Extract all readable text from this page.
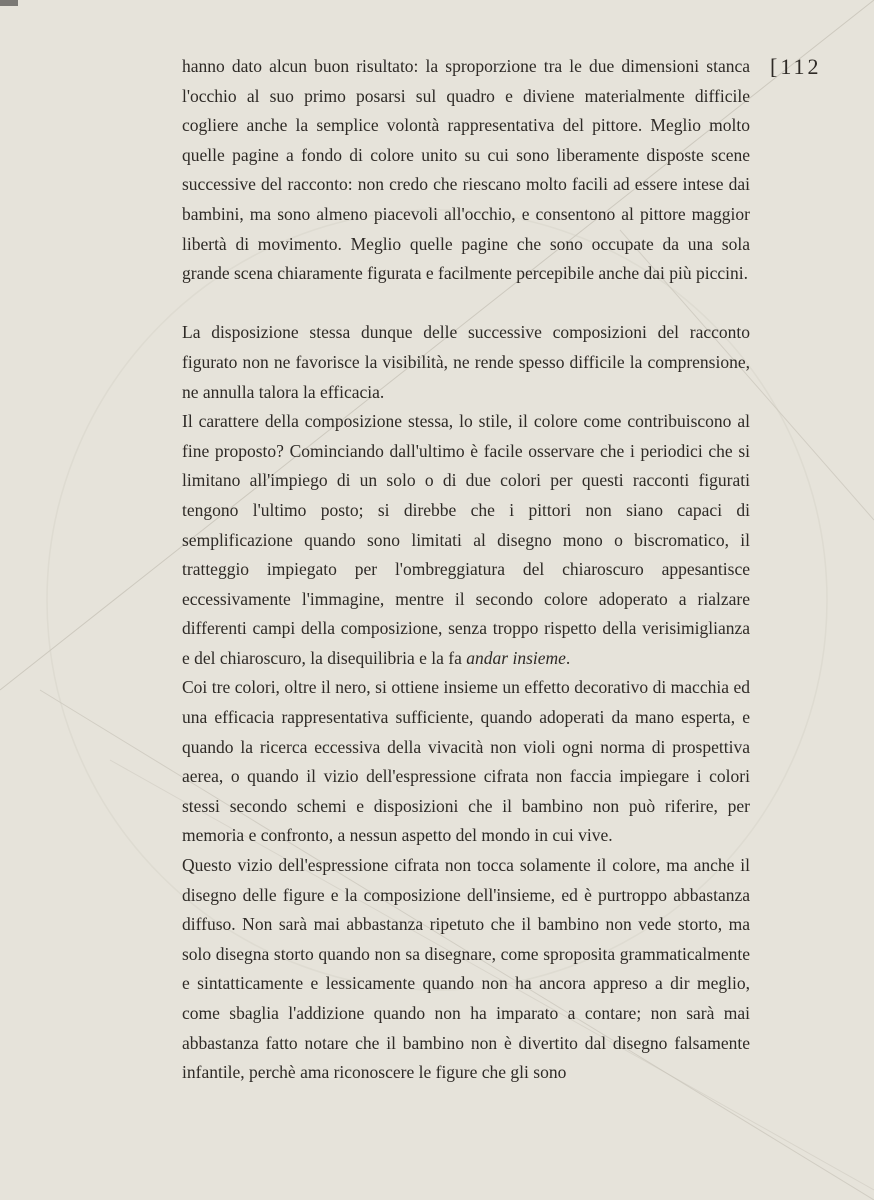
[112

hanno dato alcun buon risultato: la sproporzione tra le due dimensioni stanca l'occhio al suo primo posarsi sul quadro e diviene materialmente difficile cogliere anche la semplice volontà rappresentativa del pittore. Meglio molto quelle pagine a fondo di colore unito su cui sono liberamente disposte scene successive del racconto: non credo che riescano molto facili ad essere intese dai bambini, ma sono almeno piacevoli all'occhio, e consentono al pittore maggior libertà di movimento. Meglio quelle pagine che sono occupate da una sola grande scena chiaramente figurata e facilmente percepibile anche dai più piccini.

La disposizione stessa dunque delle successive composizioni del racconto figurato non ne favorisce la visibilità, ne rende spesso difficile la comprensione, ne annulla talora la efficacia.

Il carattere della composizione stessa, lo stile, il colore come contribuiscono al fine proposto? Cominciando dall'ultimo è facile osservare che i periodici che si limitano all'impiego di un solo o di due colori per questi racconti figurati tengono l'ultimo posto; si direbbe che i pittori non siano capaci di semplificazione quando sono limitati al disegno mono o biscromatico, il tratteggio impiegato per l'ombreggiatura del chiaroscuro appesantisce eccessivamente l'immagine, mentre il secondo colore adoperato a rialzare differenti campi della composizione, senza troppo rispetto della verisimiglianza e del chiaroscuro, la disequilibria e la fa andar insieme.

Coi tre colori, oltre il nero, si ottiene insieme un effetto decorativo di macchia ed una efficacia rappresentativa sufficiente, quando adoperati da mano esperta, e quando la ricerca eccessiva della vivacità non violi ogni norma di prospettiva aerea, o quando il vizio dell'espressione cifrata non faccia impiegare i colori stessi secondo schemi e disposizioni che il bambino non può riferire, per memoria e confronto, a nessun aspetto del mondo in cui vive.

Questo vizio dell'espressione cifrata non tocca solamente il colore, ma anche il disegno delle figure e la composizione dell'insieme, ed è purtroppo abbastanza diffuso. Non sarà mai abbastanza ripetuto che il bambino non vede storto, ma solo disegna storto quando non sa disegnare, come sproposita grammaticalmente e sintatticamente e lessicamente quando non ha ancora appreso a dir meglio, come sbaglia l'addizione quando non ha imparato a contare; non sarà mai abbastanza fatto notare che il bambino non è divertito dal disegno falsamente infantile, perchè ama riconoscere le figure che gli sono
